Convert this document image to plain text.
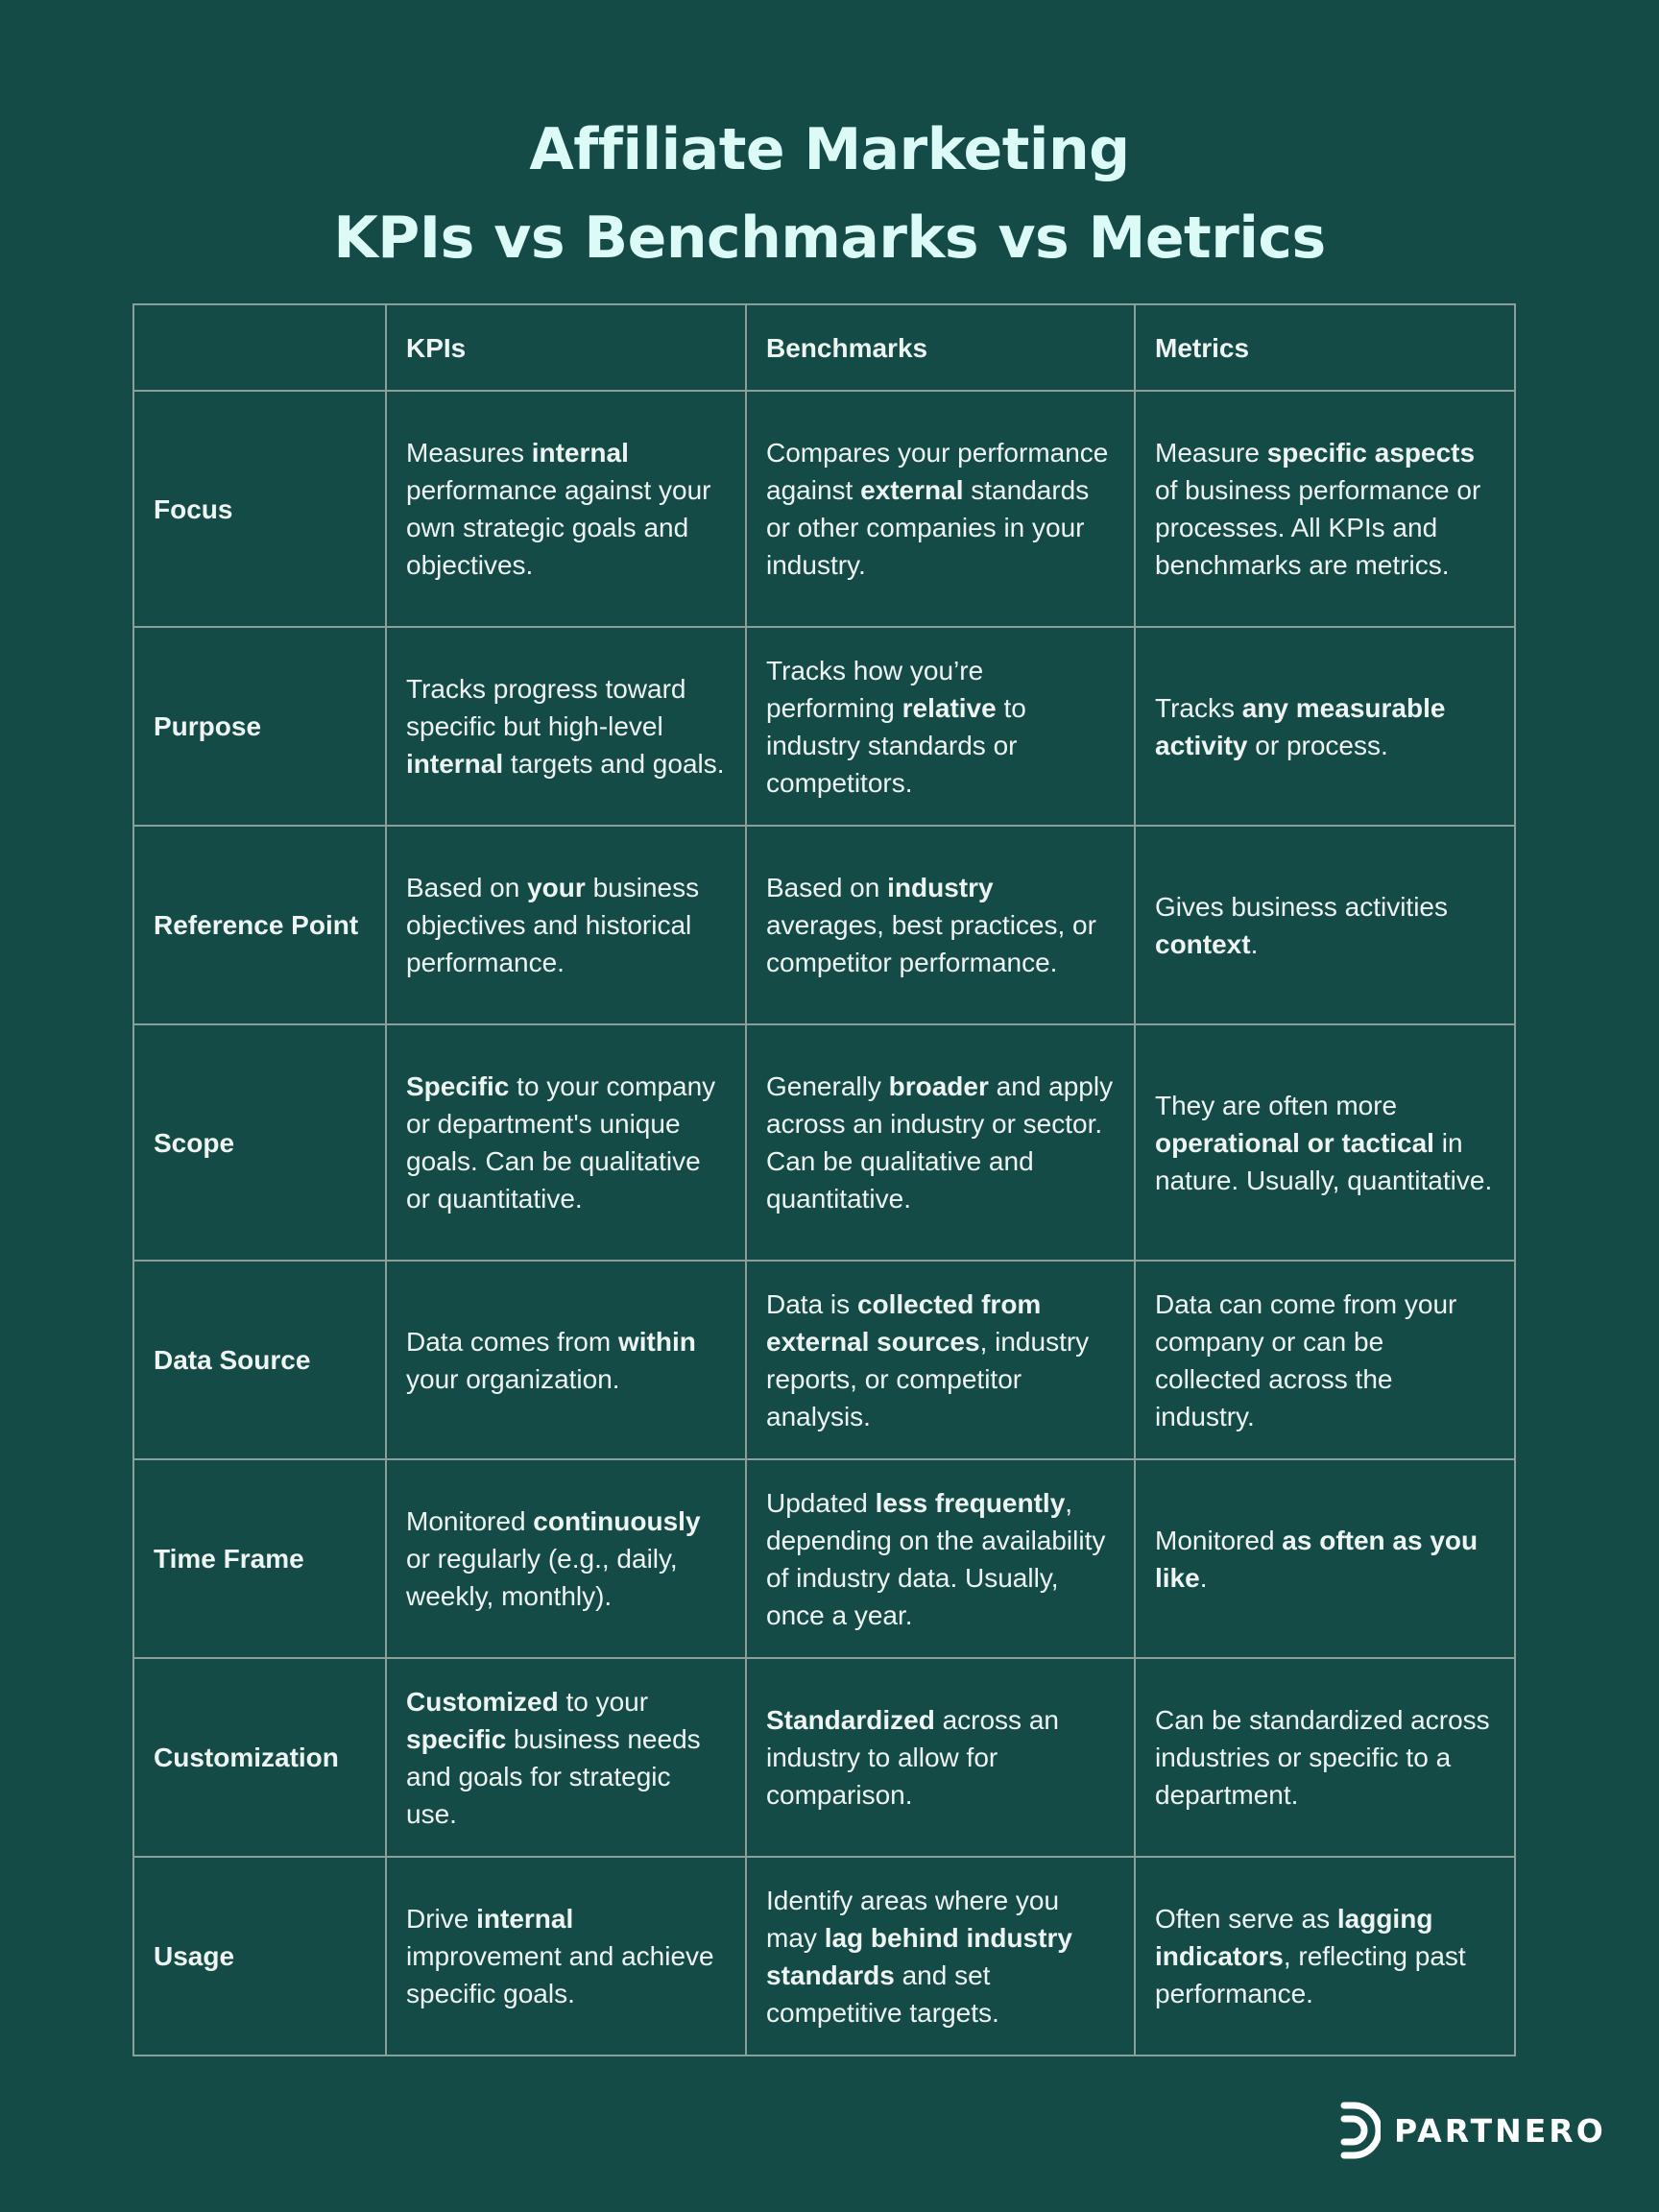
Affiliate Marketing
KPIs vs Benchmarks vs Metrics
	KPIs	Benchmarks	Metrics
Focus	Measures internal performance against your own strategic goals and objectives.	Compares your performance against external standards or other companies in your industry.	Measure specific aspects of business performance or processes. All KPIs and benchmarks are metrics.
Purpose	Tracks progress toward specific but high-level internal targets and goals.	Tracks how you’re performing relative to industry standards or competitors.	Tracks any measurable activity or process.
Reference Point	Based on your business objectives and historical performance.	Based on industry averages, best practices, or competitor performance.	Gives business activities context.
Scope	Specific to your company or department's unique goals. Can be qualitative or quantitative.	Generally broader and apply across an industry or sector. Can be qualitative and quantitative.	They are often more operational or tactical in nature. Usually, quantitative.
Data Source	Data comes from within your organization.	Data is collected from external sources, industry reports, or competitor analysis.	Data can come from your company or can be collected across the industry.
Time Frame	Monitored continuously or regularly (e.g., daily, weekly, monthly).	Updated less frequently, depending on the availability of industry data. Usually, once a year.	Monitored as often as you like.
Customization	Customized to your specific business needs and goals for strategic use.	Standardized across an industry to allow for comparison.	Can be standardized across industries or specific to a department.
Usage	Drive internal improvement and achieve specific goals.	Identify areas where you may lag behind industry standards and set competitive targets.	Often serve as lagging indicators, reflecting past performance.
PARTNERO
